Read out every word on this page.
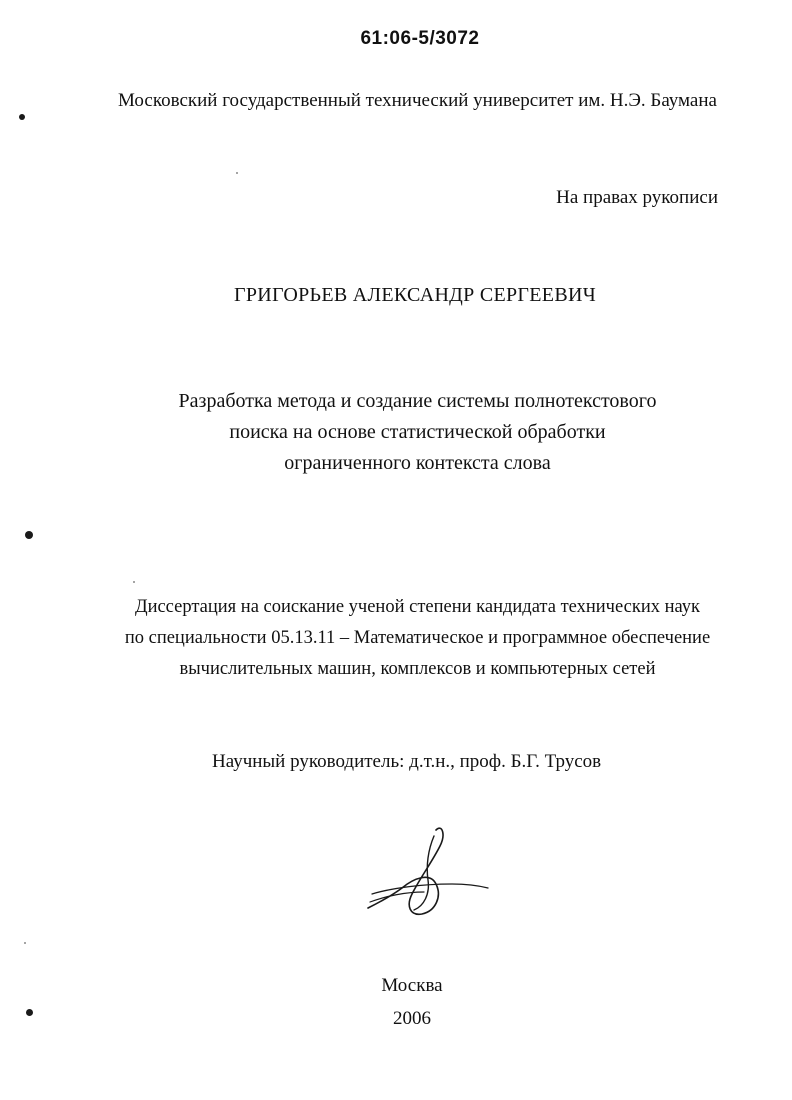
61:06-5/3072
Московский государственный технический университет им. Н.Э. Баумана
На правах рукописи
ГРИГОРЬЕВ АЛЕКСАНДР СЕРГЕЕВИЧ
Разработка метода и создание системы полнотекстового
поиска на основе статистической обработки
ограниченного контекста слова
Диссертация на соискание ученой степени кандидата технических наук
по специальности 05.13.11 – Математическое и программное обеспечение
вычислительных машин, комплексов и компьютерных сетей
Научный руководитель: д.т.н., проф. Б.Г. Трусов
Москва
2006
